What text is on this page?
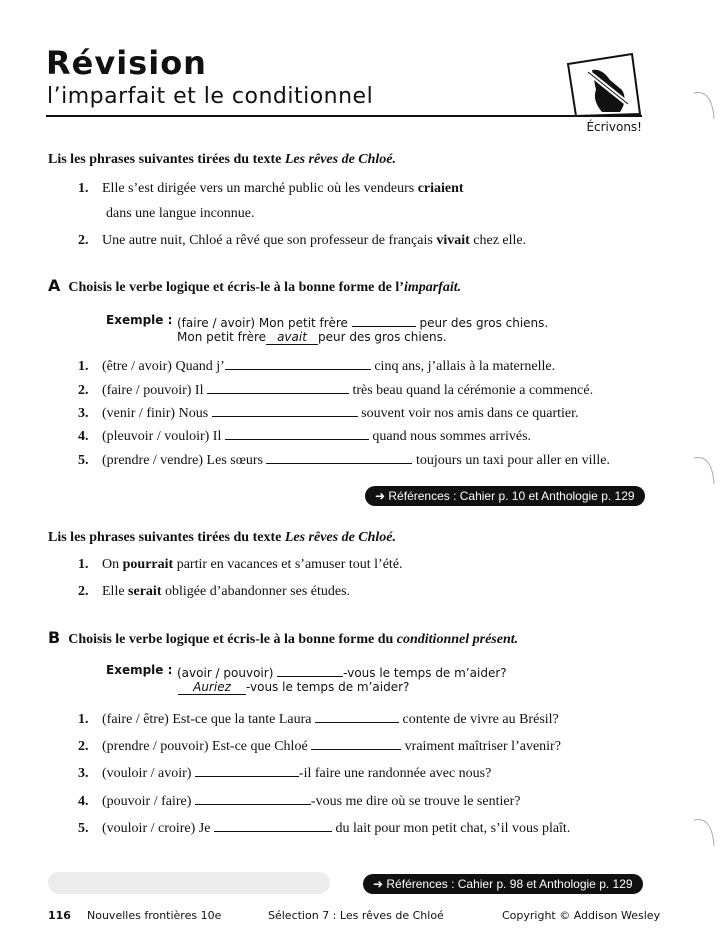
Révision
l’imparfait et le conditionnel
Écrivons!
Lis les phrases suivantes tirées du texte Les rêves de Chloé.
1. Elle s’est dirigée vers un marché public où les vendeurs criaient
dans une langue inconnue.
2. Une autre nuit, Chloé a rêvé que son professeur de français vivait chez elle.
A Choisis le verbe logique et écris-le à la bonne forme de l’imparfait.
Exemple : (faire / avoir) Mon petit frère	peur des gros chiens.
Mon petit frère avait peur des gros chiens.
1. (être / avoir) Quand j’	cinq ans, j’allais à la maternelle.
2. (faire / pouvoir) Il	très beau quand la cérémonie a commencé.
3. (venir / finir) Nous	souvent voir nos amis dans ce quartier.
4. (pleuvoir / vouloir) Il	quand nous sommes arrivés.
5. (prendre / vendre) Les sœurs	toujours un taxi pour aller en ville.
➜ Références : Cahier p. 10 et Anthologie p. 129
Lis les phrases suivantes tirées du texte Les rêves de Chloé.
1. On pourrait partir en vacances et s’amuser tout l’été.
2. Elle serait obligée d’abandonner ses études.
B Choisis le verbe logique et écris-le à la bonne forme du conditionnel présent.
Exemple : (avoir / pouvoir)	-vous le temps de m’aider?
Auriez -vous le temps de m’aider?
1. (faire / être) Est-ce que la tante Laura	contente de vivre au Brésil?
2. (prendre / pouvoir) Est-ce que Chloé	vraiment maîtriser l’avenir?
3. (vouloir / avoir)	-il faire une randonnée avec nous?
4. (pouvoir / faire)	-vous me dire où se trouve le sentier?
5. (vouloir / croire) Je	du lait pour mon petit chat, s’il vous plaît.
➜ Références : Cahier p. 98 et Anthologie p. 129
116 Nouvelles frontières 10e	Sélection 7 : Les rêves de Chloé	Copyright © Addison Wesley
